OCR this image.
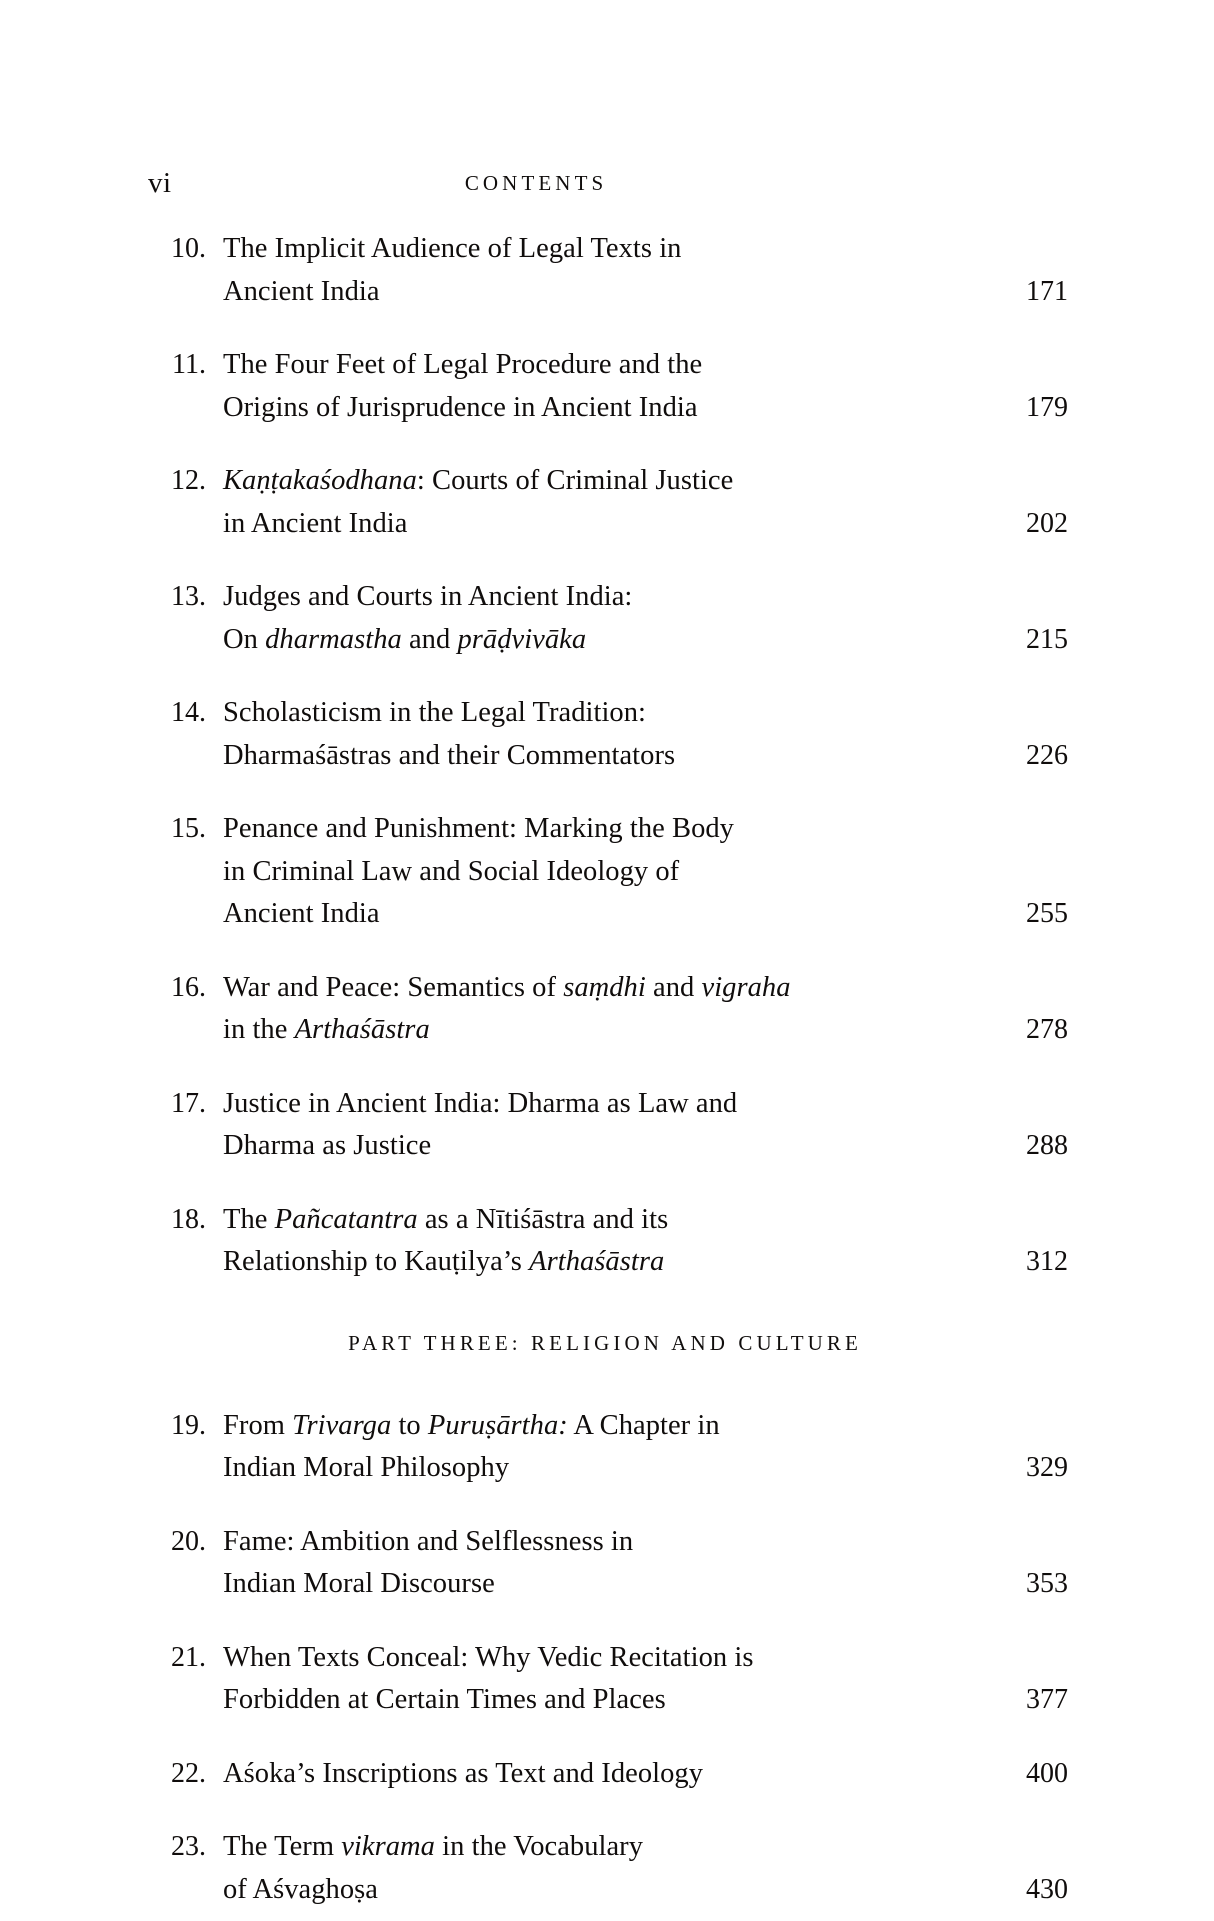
vi	CONTENTS
10. The Implicit Audience of Legal Texts in
Ancient India	171
11. The Four Feet of Legal Procedure and the
Origins of Jurisprudence in Ancient India	179
12. Kaṇṭakaśodhana: Courts of Criminal Justice
in Ancient India	202
13. Judges and Courts in Ancient India:
On dharmastha and prāḍvivāka	215
14. Scholasticism in the Legal Tradition:
Dharmaśāstras and their Commentators	226
15. Penance and Punishment: Marking the Body
in Criminal Law and Social Ideology of
Ancient India	255
16. War and Peace: Semantics of saṃdhi and vigraha
in the Arthaśāstra	278
17. Justice in Ancient India: Dharma as Law and
Dharma as Justice	288
18. The Pañcatantra as a Nītiśāstra and its
Relationship to Kauṭilya’s Arthaśāstra	312
PART THREE: RELIGION AND CULTURE
19. From Trivarga to Puruṣārtha: A Chapter in
Indian Moral Philosophy	329
20. Fame: Ambition and Selflessness in
Indian Moral Discourse	353
21. When Texts Conceal: Why Vedic Recitation is
Forbidden at Certain Times and Places	377
22. Aśoka’s Inscriptions as Text and Ideology	400
23. The Term vikrama in the Vocabulary
of Aśvaghoṣa	430
